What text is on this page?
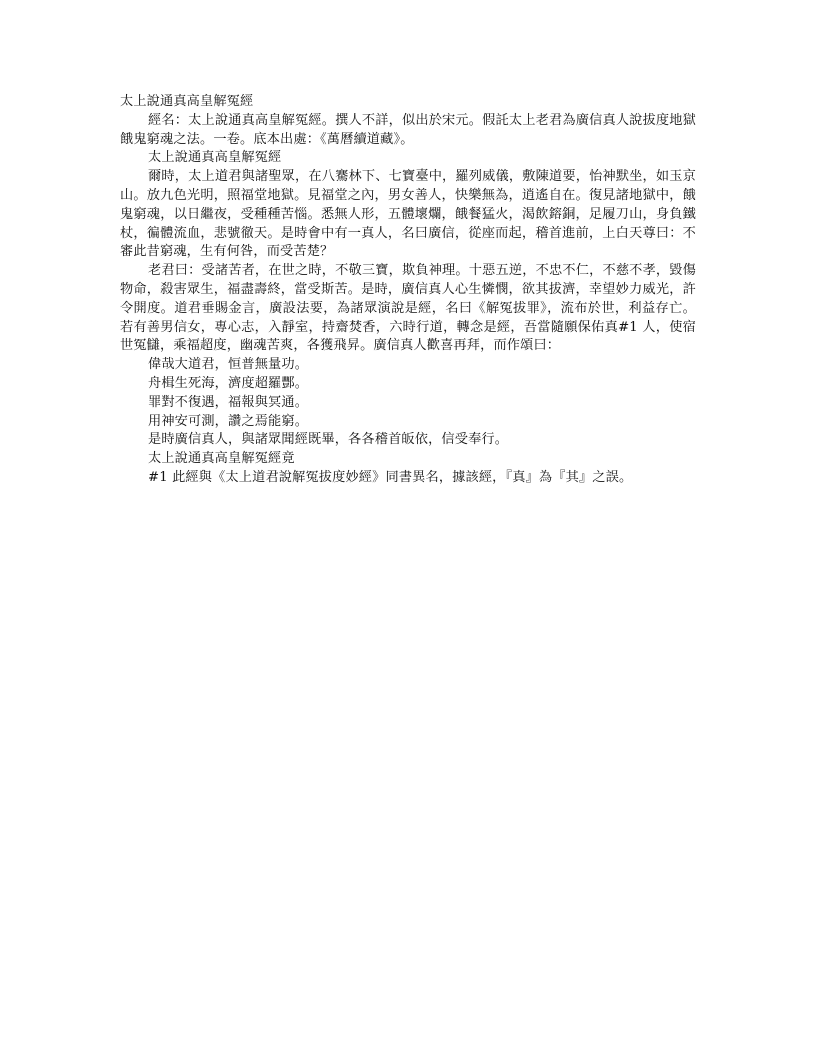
太上說通真高皇解冤經

經名：太上說通真高皇解冤經。撰人不詳，似出於宋元。假託太上老君為廣信真人說拔度地獄餓鬼窮魂之法。一卷。底本出處：《萬曆續道藏》。

太上說通真高皇解冤經

爾時，太上道君與諸聖眾，在八騫林下、七寶臺中，羅列威儀，敷陳道要，怡神默坐，如玉京山。放九色光明，照福堂地獄。見福堂之內，男女善人，快樂無為，逍遙自在。復見諸地獄中，餓鬼窮魂，以日繼夜，受種種苦惱。悉無人形，五體壞爛，餓餐猛火，渴飲鎔銅，足履刀山，身負鐵杖，徧體流血，悲號徹天。是時會中有一真人，名曰廣信，從座而起，稽首進前，上白天尊曰：不審此昔窮魂，生有何咎，而受苦楚？

老君曰：受諸苦者，在世之時，不敬三寶，欺負神理。十惡五逆，不忠不仁，不慈不孝，毀傷物命，殺害眾生，福盡壽終，當受斯苦。是時，廣信真人心生憐憫，欲其拔濟，幸望妙力威光，許令開度。道君垂賜金言，廣設法要，為諸眾演說是經，名曰《解冤拔罪》，流布於世，利益存亡。若有善男信女，專心志，入靜室，持齋焚香，六時行道，轉念是經，吾當隨願保佑真#1 人，使宿世冤讎，乘福超度，幽魂苦爽，各獲飛昇。廣信真人歡喜再拜，而作頌曰：

偉哉大道君，恒普無量功。

舟楫生死海，濟度超羅酆。

罪對不復遇，福報與冥通。

用神安可測，讚之焉能窮。

是時廣信真人，與諸眾聞經既畢，各各稽首皈依，信受奉行。

太上說通真高皇解冤經竟

#1 此經與《太上道君說解冤拔度妙經》同書異名，據該經，『真』為『其』之誤。
